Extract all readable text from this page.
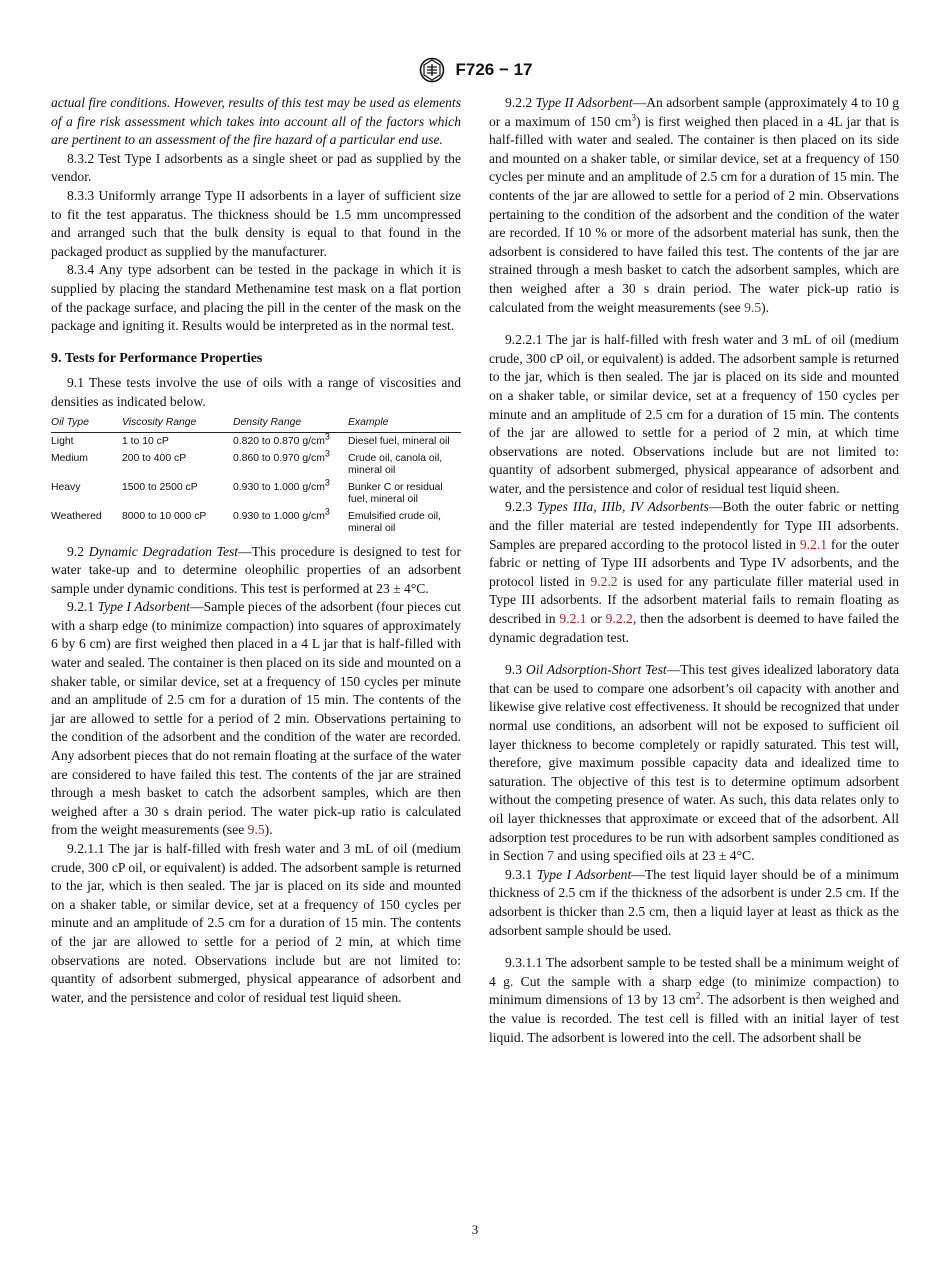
F726 − 17

actual fire conditions. However, results of this test may be used as elements of a fire risk assessment which takes into account all of the factors which are pertinent to an assessment of the fire hazard of a particular end use.

8.3.2 Test Type I adsorbents as a single sheet or pad as supplied by the vendor.

8.3.3 Uniformly arrange Type II adsorbents in a layer of sufficient size to fit the test apparatus. The thickness should be 1.5 mm uncompressed and arranged such that the bulk density is equal to that found in the packaged product as supplied by the manufacturer.

8.3.4 Any type adsorbent can be tested in the package in which it is supplied by placing the standard Methenamine test mask on a flat portion of the package surface, and placing the pill in the center of the mask on the package and igniting it. Results would be interpreted as in the normal test.

9. Tests for Performance Properties

9.1 These tests involve the use of oils with a range of viscosities and densities as indicated below.

Oil Type	Viscosity Range	Density Range	Example
Light	1 to 10 cP	0.820 to 0.870 $g/cm^3$	Diesel fuel, mineral oil
Medium	200 to 400 cP	0.860 to 0.970 $g/cm^3$	Crude oil, canola oil, mineral oil
Heavy	1500 to 2500 cP	0.930 to 1.000 $g/cm^3$	Bunker C or residual fuel, mineral oil
Weathered	8000 to 10 000 cP	0.930 to 1.000 $g/cm^3$	Emulsified crude oil, mineral oil

9.2 Dynamic Degradation Test—This procedure is designed to test for water take-up and to determine oleophilic properties of an adsorbent sample under dynamic conditions. This test is performed at 23 ± 4°C.

9.2.1 Type I Adsorbent—Sample pieces of the adsorbent (four pieces cut with a sharp edge (to minimize compaction) into squares of approximately 6 by 6 cm) are first weighed then placed in a 4 L jar that is half-filled with water and sealed. The container is then placed on its side and mounted on a shaker table, or similar device, set at a frequency of 150 cycles per minute and an amplitude of 2.5 cm for a duration of 15 min. The contents of the jar are allowed to settle for a period of 2 min. Observations pertaining to the condition of the adsorbent and the condition of the water are recorded. Any adsorbent pieces that do not remain floating at the surface of the water are considered to have failed this test. The contents of the jar are strained through a mesh basket to catch the adsorbent samples, which are then weighed after a 30 s drain period. The water pick-up ratio is calculated from the weight measurements (see 9.5).

9.2.1.1 The jar is half-filled with fresh water and 3 mL of oil (medium crude, 300 cP oil, or equivalent) is added. The adsorbent sample is returned to the jar, which is then sealed. The jar is placed on its side and mounted on a shaker table, or similar device, set at a frequency of 150 cycles per minute and an amplitude of 2.5 cm for a duration of 15 min. The contents of the jar are allowed to settle for a period of 2 min, at which time observations are noted. Observations include but are not limited to: quantity of adsorbent submerged, physical appearance of adsorbent and water, and the persistence and color of residual test liquid sheen.

9.2.2 Type II Adsorbent—An adsorbent sample (approximately 4 to 10 g or a maximum of 150 $cm^3$) is first weighed then placed in a 4L jar that is half-filled with water and sealed. The container is then placed on its side and mounted on a shaker table, or similar device, set at a frequency of 150 cycles per minute and an amplitude of 2.5 cm for a duration of 15 min. The contents of the jar are allowed to settle for a period of 2 min. Observations pertaining to the condition of the adsorbent and the condition of the water are recorded. If 10 % or more of the adsorbent material has sunk, then the adsorbent is considered to have failed this test. The contents of the jar are strained through a mesh basket to catch the adsorbent samples, which are then weighed after a 30 s drain period. The water pick-up ratio is calculated from the weight measurements (see 9.5).

9.2.2.1 The jar is half-filled with fresh water and 3 mL of oil (medium crude, 300 cP oil, or equivalent) is added. The adsorbent sample is returned to the jar, which is then sealed. The jar is placed on its side and mounted on a shaker table, or similar device, set at a frequency of 150 cycles per minute and an amplitude of 2.5 cm for a duration of 15 min. The contents of the jar are allowed to settle for a period of 2 min, at which time observations are noted. Observations include but are not limited to: quantity of adsorbent submerged, physical appearance of adsorbent and water, and the persistence and color of residual test liquid sheen.

9.2.3 Types IIIa, IIIb, IV Adsorbents—Both the outer fabric or netting and the filler material are tested independently for Type III adsorbents. Samples are prepared according to the protocol listed in 9.2.1 for the outer fabric or netting of Type III adsorbents and Type IV adsorbents, and the protocol listed in 9.2.2 is used for any particulate filler material used in Type III adsorbents. If the adsorbent material fails to remain floating as described in 9.2.1 or 9.2.2, then the adsorbent is deemed to have failed the dynamic degradation test.

9.3 Oil Adsorption-Short Test—This test gives idealized laboratory data that can be used to compare one adsorbent’s oil capacity with another and likewise give relative cost effectiveness. It should be recognized that under normal use conditions, an adsorbent will not be exposed to sufficient oil layer thickness to become completely or rapidly saturated. This test will, therefore, give maximum possible capacity data and idealized time to saturation. The objective of this test is to determine optimum adsorbent without the competing presence of water. As such, this data relates only to oil layer thicknesses that approximate or exceed that of the adsorbent. All adsorption test procedures to be run with adsorbent samples conditioned as in Section 7 and using specified oils at 23 ± 4°C.

9.3.1 Type I Adsorbent—The test liquid layer should be of a minimum thickness of 2.5 cm if the thickness of the adsorbent is under 2.5 cm. If the adsorbent is thicker than 2.5 cm, then a liquid layer at least as thick as the adsorbent sample should be used.

9.3.1.1 The adsorbent sample to be tested shall be a minimum weight of 4 g. Cut the sample with a sharp edge (to minimize compaction) to minimum dimensions of 13 by 13 $cm^2$. The adsorbent is then weighed and the value is recorded. The test cell is filled with an initial layer of test liquid. The adsorbent is lowered into the cell. The adsorbent shall be

3
